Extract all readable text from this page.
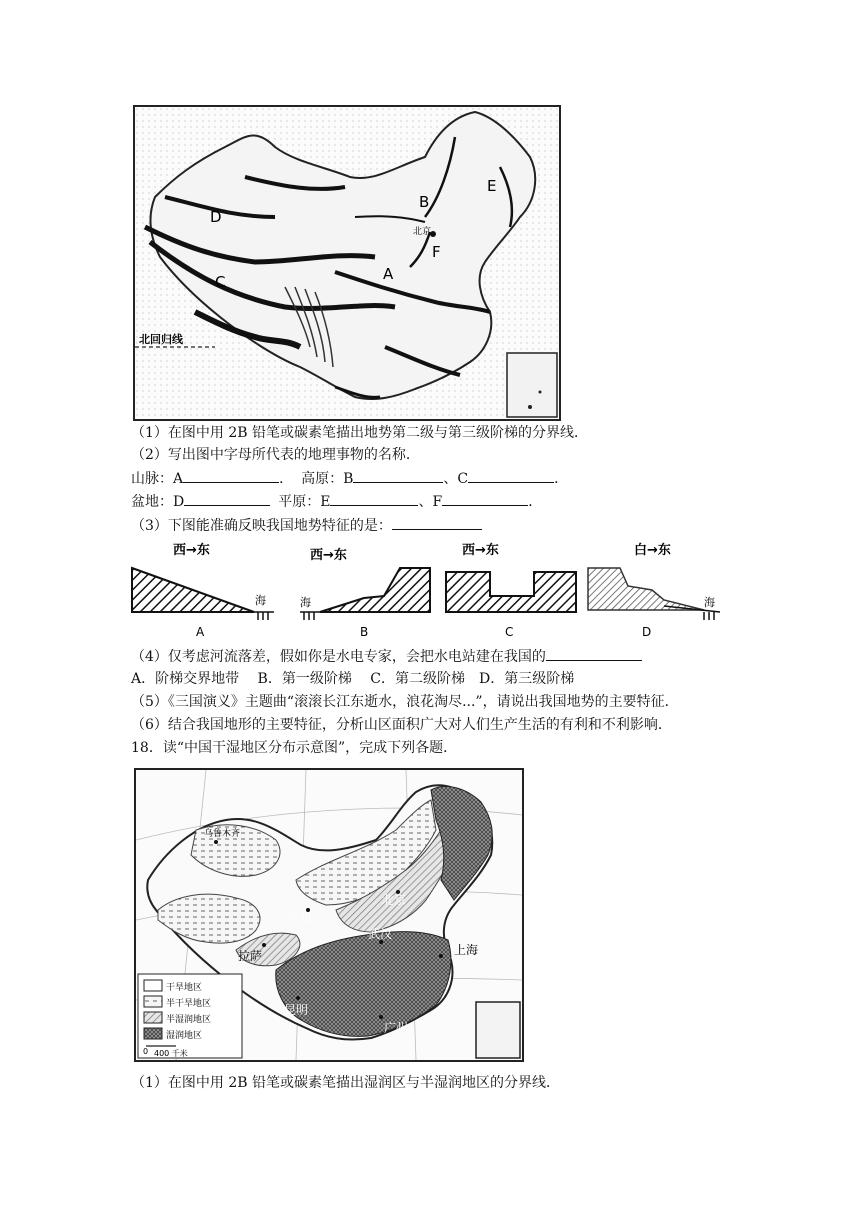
E
B
D
F
A
C
北京
北回归线
（1）在图中用 2B 铅笔或碳素笔描出地势第二级与第三级阶梯的分界线．
（2）写出图中字母所代表的地理事物的名称．
山脉：A	． 高原：B	、C	．
盆地：D	平原：E	、F	．
（3）下图能准确反映我国地势特征的是：
西→东
海
A
西→东
海
B
西→东
C
白→东
海
D
（4）仅考虑河流落差，假如你是水电专家，会把水电站建在我国的
A．阶梯交界地带　 B．第一级阶梯　 C．第二级阶梯　D．第三级阶梯
（5）《三国演义》主题曲“滚滚长江东逝水，浪花淘尽...”，请说出我国地势的主要特征．
（6）结合我国地形的主要特征，分析山区面积广大对人们生产生活的有利和不利影响．
18．读“中国干湿地区分布示意图”，完成下列各题．
乌鲁木齐
兰州
北京
拉萨
武汉
上海
昆明
广州
干旱地区
半干旱地区
半湿润地区
湿润地区
0 400 千米
（1）在图中用 2B 铅笔或碳素笔描出湿润区与半湿润地区的分界线．
